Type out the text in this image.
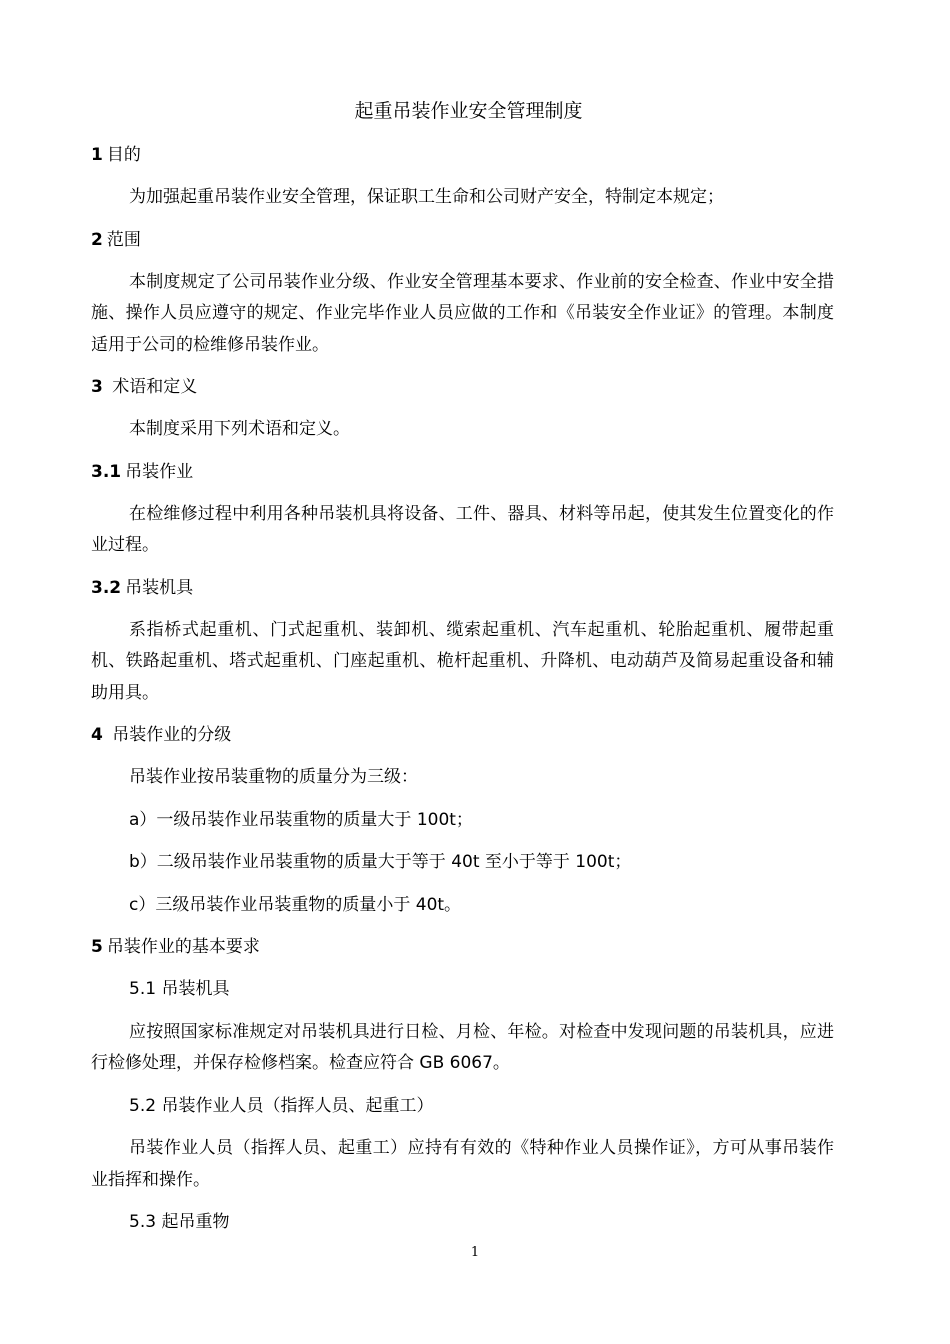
起重吊装作业安全管理制度
1 目的

为加强起重吊装作业安全管理，保证职工生命和公司财产安全，特制定本规定；

2 范围

本制度规定了公司吊装作业分级、作业安全管理基本要求、作业前的安全检查、作业中安全措施、操作人员应遵守的规定、作业完毕作业人员应做的工作和《吊装安全作业证》的管理。本制度适用于公司的检维修吊装作业。

3 术语和定义

本制度采用下列术语和定义。

3.1 吊装作业

在检维修过程中利用各种吊装机具将设备、工件、器具、材料等吊起，使其发生位置变化的作业过程。

3.2 吊装机具

系指桥式起重机、门式起重机、装卸机、缆索起重机、汽车起重机、轮胎起重机、履带起重机、铁路起重机、塔式起重机、门座起重机、桅杆起重机、升降机、电动葫芦及简易起重设备和辅助用具。

4 吊装作业的分级

吊装作业按吊装重物的质量分为三级：

a）一级吊装作业吊装重物的质量大于 100t；

b）二级吊装作业吊装重物的质量大于等于 40t 至小于等于 100t；

c）三级吊装作业吊装重物的质量小于 40t。

5 吊装作业的基本要求

5.1 吊装机具

应按照国家标准规定对吊装机具进行日检、月检、年检。对检查中发现问题的吊装机具，应进行检修处理，并保存检修档案。检查应符合 GB 6067。

5.2 吊装作业人员（指挥人员、起重工）

吊装作业人员（指挥人员、起重工）应持有有效的《特种作业人员操作证》，方可从事吊装作业指挥和操作。

5.3 起吊重物

1
